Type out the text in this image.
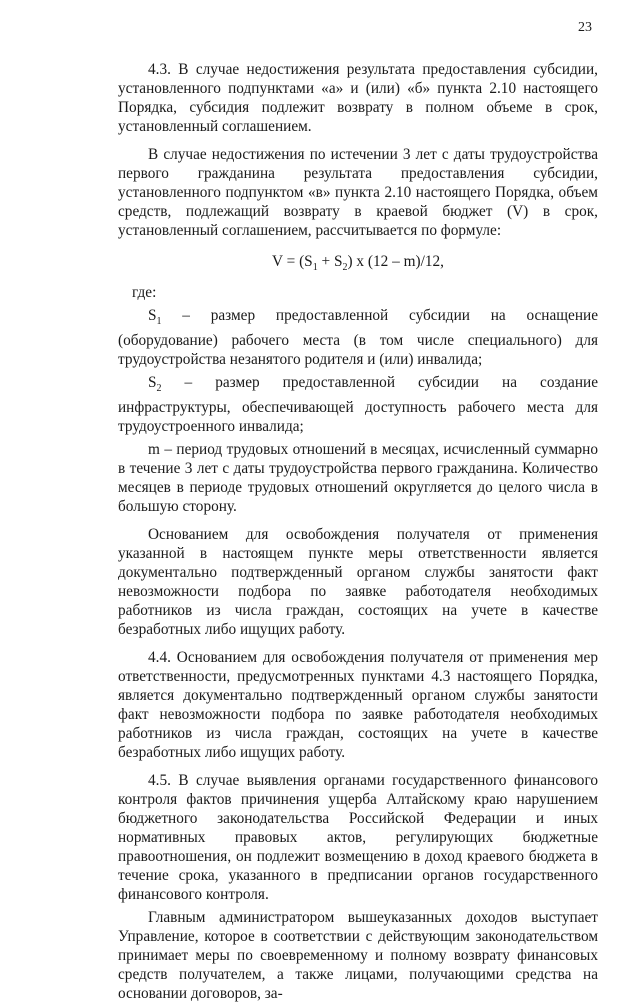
23

4.3. В случае недостижения результата предоставления субсидии, установленного подпунктами «а» и (или) «б» пункта 2.10 настоящего Порядка, субсидия подлежит возврату в полном объеме в срок, установленный соглашением.

В случае недостижения по истечении 3 лет с даты трудоустройства первого гражданина результата предоставления субсидии, установленного подпунктом «в» пункта 2.10 настоящего Порядка, объем средств, подлежащий возврату в краевой бюджет (V) в срок, установленный соглашением, рассчитывается по формуле:

$V = (S_1 + S_2)$ x (12 – m)/12,

где:

$S_1$ – размер предоставленной субсидии на оснащение (оборудование) рабочего места (в том числе специального) для трудоустройства незанятого родителя и (или) инвалида;

$S_2$ – размер предоставленной субсидии на создание инфраструктуры, обеспечивающей доступность рабочего места для трудоустроенного инвалида;

m – период трудовых отношений в месяцах, исчисленный суммарно в течение 3 лет с даты трудоустройства первого гражданина. Количество месяцев в периоде трудовых отношений округляется до целого числа в большую сторону.

Основанием для освобождения получателя от применения указанной в настоящем пункте меры ответственности является документально подтвержденный органом службы занятости факт невозможности подбора по заявке работодателя необходимых работников из числа граждан, состоящих на учете в качестве безработных либо ищущих работу.

4.4. Основанием для освобождения получателя от применения мер ответственности, предусмотренных пунктами 4.3 настоящего Порядка, является документально подтвержденный органом службы занятости факт невозможности подбора по заявке работодателя необходимых работников из числа граждан, состоящих на учете в качестве безработных либо ищущих работу.

4.5. В случае выявления органами государственного финансового контроля фактов причинения ущерба Алтайскому краю нарушением бюджетного законодательства Российской Федерации и иных нормативных правовых актов, регулирующих бюджетные правоотношения, он подлежит возмещению в доход краевого бюджета в течение срока, указанного в предписании органов государственного финансового контроля.

Главным администратором вышеуказанных доходов выступает Управление, которое в соответствии с действующим законодательством принимает меры по своевременному и полному возврату финансовых средств получателем, а также лицами, получающими средства на основании договоров, за-
